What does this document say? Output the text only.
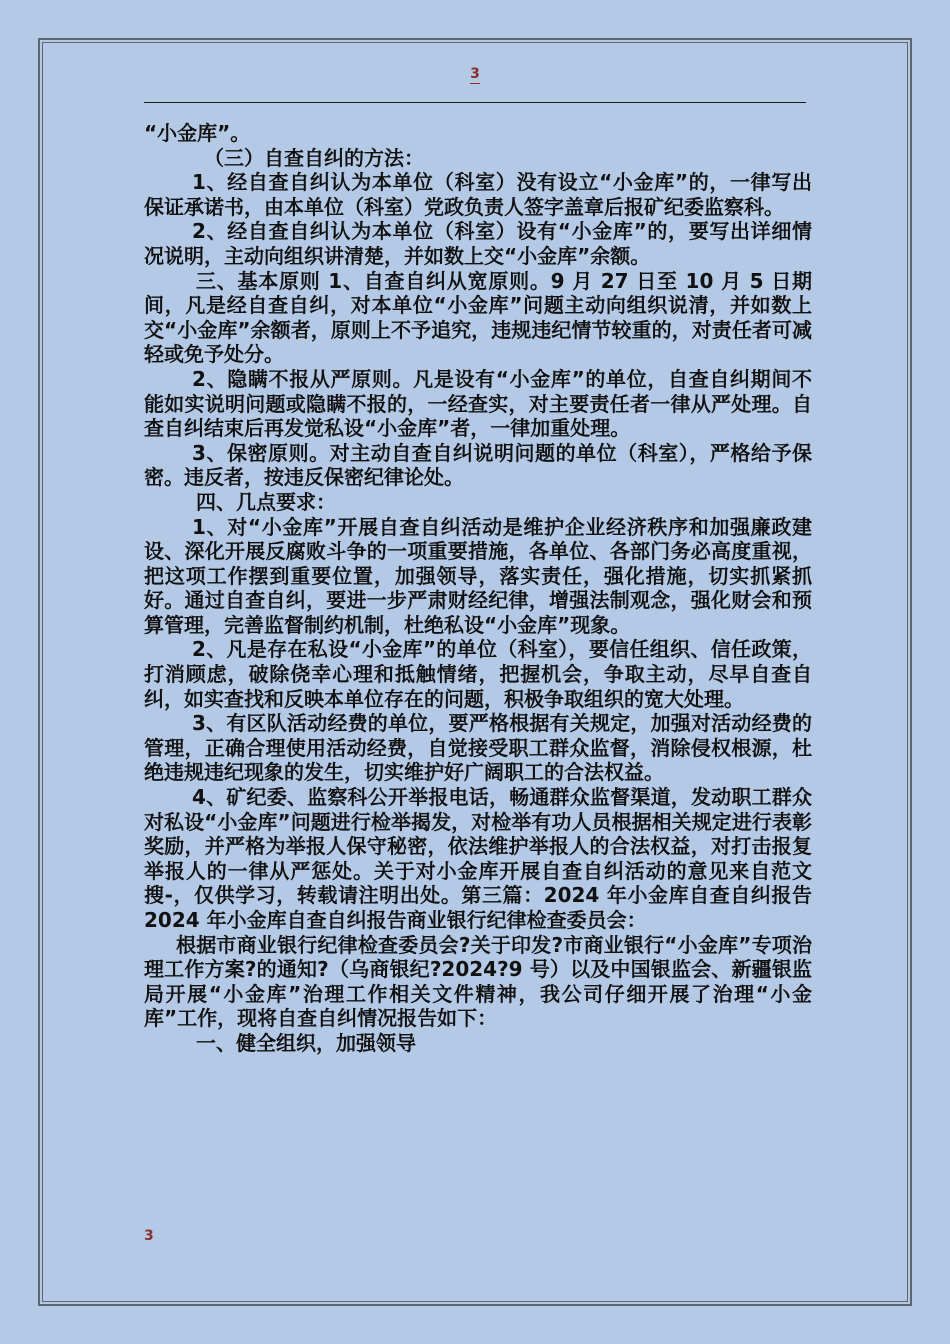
3

“小金库”。

（三）自查自纠的方法：

1、经自查自纠认为本单位（科室）没有设立“小金库”的，一律写出保证承诺书，由本单位（科室）党政负责人签字盖章后报矿纪委监察科。

2、经自查自纠认为本单位（科室）设有“小金库”的，要写出详细情况说明，主动向组织讲清楚，并如数上交“小金库”余额。

三、基本原则 1、自查自纠从宽原则。9 月 27 日至 10 月 5 日期间，凡是经自查自纠，对本单位“小金库”问题主动向组织说清，并如数上交“小金库”余额者，原则上不予追究，违规违纪情节较重的，对责任者可减轻或免予处分。

2、隐瞒不报从严原则。凡是设有“小金库”的单位，自查自纠期间不能如实说明问题或隐瞒不报的，一经查实，对主要责任者一律从严处理。自查自纠结束后再发觉私设“小金库”者，一律加重处理。

3、保密原则。对主动自查自纠说明问题的单位（科室），严格给予保密。违反者，按违反保密纪律论处。

四、几点要求：

1、对“小金库”开展自查自纠活动是维护企业经济秩序和加强廉政建设、深化开展反腐败斗争的一项重要措施，各单位、各部门务必高度重视，把这项工作摆到重要位置，加强领导，落实责任，强化措施，切实抓紧抓好。通过自查自纠，要进一步严肃财经纪律，增强法制观念，强化财会和预算管理，完善监督制约机制，杜绝私设“小金库”现象。

2、凡是存在私设“小金库”的单位（科室），要信任组织、信任政策，打消顾虑，破除侥幸心理和抵触情绪，把握机会，争取主动，尽早自查自纠，如实查找和反映本单位存在的问题，积极争取组织的宽大处理。

3、有区队活动经费的单位，要严格根据有关规定，加强对活动经费的管理，正确合理使用活动经费，自觉接受职工群众监督，消除侵权根源，杜绝违规违纪现象的发生，切实维护好广阔职工的合法权益。

4、矿纪委、监察科公开举报电话，畅通群众监督渠道，发动职工群众对私设“小金库”问题进行检举揭发，对检举有功人员根据相关规定进行表彰奖励，并严格为举报人保守秘密，依法维护举报人的合法权益，对打击报复举报人的一律从严惩处。关于对小金库开展自查自纠活动的意见来自范文搜-，仅供学习，转载请注明出处。第三篇：2024 年小金库自查自纠报告 2024 年小金库自查自纠报告商业银行纪律检查委员会：

根据市商业银行纪律检查委员会?关于印发?市商业银行“小金库”专项治理工作方案?的通知?（乌商银纪?2024?9 号）以及中国银监会、新疆银监局开展“小金库”治理工作相关文件精神，我公司仔细开展了治理“小金库”工作，现将自查自纠情况报告如下：

一、健全组织，加强领导

3
